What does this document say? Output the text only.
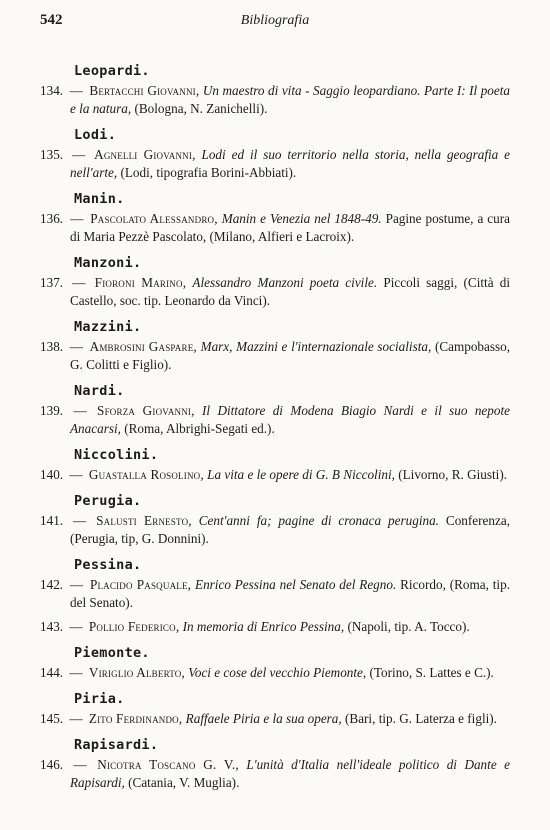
542	Bibliografia
Leopardi.

134. — Bertacchi Giovanni, Un maestro di vita - Saggio leopardiano. Parte I: Il poeta e la natura, (Bologna, N. Zanichelli).

Lodi.

135. — Agnelli Giovanni, Lodi ed il suo territorio nella storia, nella geografia e nell'arte, (Lodi, tipografia Borini-Abbiati).

Manin.

136. — Pascolato Alessandro, Manin e Venezia nel 1848-49. Pagine postume, a cura di Maria Pezzè Pascolato, (Milano, Alfieri e Lacroix).

Manzoni.

137. — Fioroni Marino, Alessandro Manzoni poeta civile. Piccoli saggi, (Città di Castello, soc. tip. Leonardo da Vinci).

Mazzini.

138. — Ambrosini Gaspare, Marx, Mazzini e l'internazionale socialista, (Campobasso, G. Colitti e Figlio).

Nardi.

139. — Sforza Giovanni, Il Dittatore di Modena Biagio Nardi e il suo nepote Anacarsi, (Roma, Albrighi-Segati ed.).

Niccolini.

140. — Guastalla Rosolino, La vita e le opere di G. B Niccolini, (Livorno, R. Giusti).

Perugia.

141. — Salusti Ernesto, Cent'anni fa; pagine di cronaca perugina. Conferenza, (Perugia, tip, G. Donnini).

Pessina.

142. — Placido Pasquale, Enrico Pessina nel Senato del Regno. Ricordo, (Roma, tip. del Senato).

143. — Pollio Federico, In memoria di Enrico Pessina, (Napoli, tip. A. Tocco).

Piemonte.

144. — Viriglio Alberto, Voci e cose del vecchio Piemonte, (Torino, S. Lattes e C.).

Piria.

145. — Zito Ferdinando, Raffaele Piria e la sua opera, (Bari, tip. G. Laterza e figli).

Rapisardi.

146. — Nicotra Toscano G. V., L'unità d'Italia nell'ideale politico di Dante e Rapisardi, (Catania, V. Muglia).
